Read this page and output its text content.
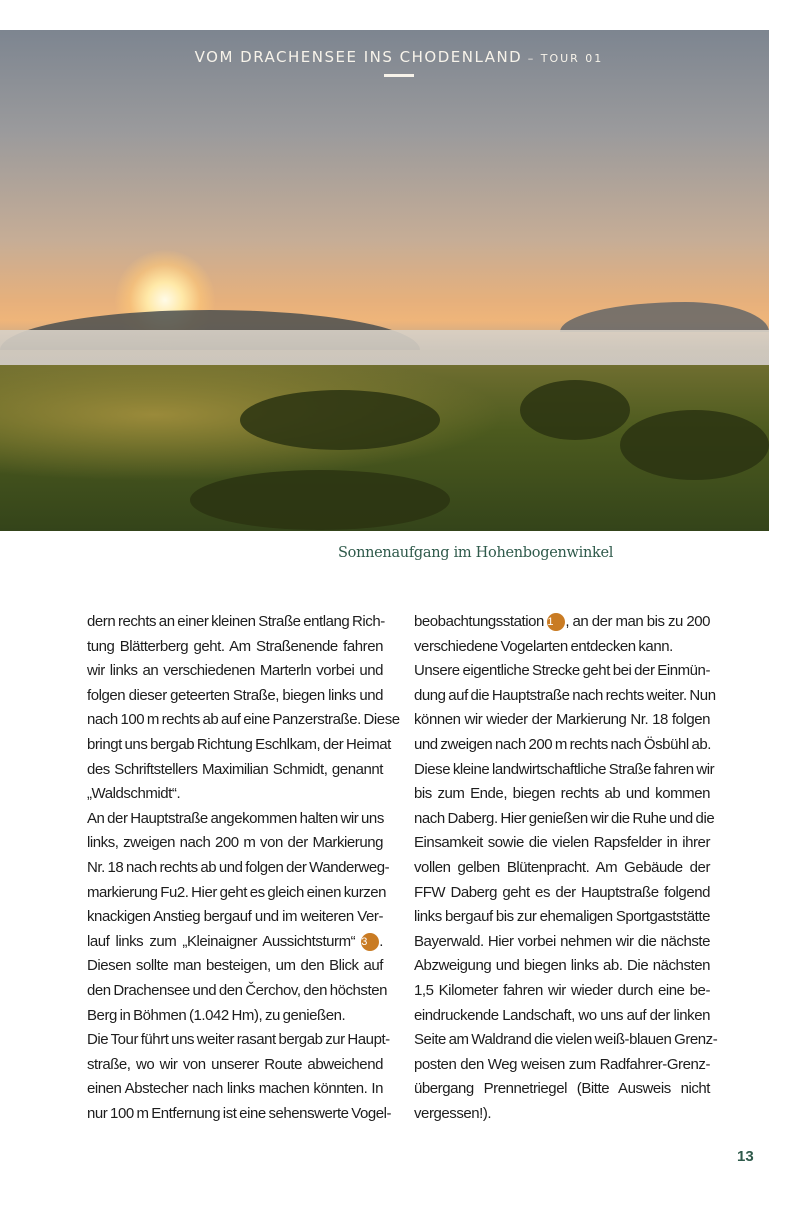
VOM DRACHENSEE INS CHODENLAND – TOUR 01
Sonnenaufgang im Hohenbogenwinkel
dern rechts an einer kleinen Straße entlang Rich-
tung Blätterberg geht. Am Straßenende fahren
wir links an verschiedenen Marterln vorbei und
folgen dieser geteerten Straße, biegen links und
nach 100 m rechts ab auf eine Panzerstraße. Diese
bringt uns bergab Richtung Eschlkam, der Heimat
des Schriftstellers Maximilian Schmidt, genannt
„Waldschmidt“.
An der Hauptstraße angekommen halten wir uns
links, zweigen nach 200 m von der Markierung
Nr. 18 nach rechts ab und folgen der Wanderweg-
markierung Fu2. Hier geht es gleich einen kurzen
knackigen Anstieg bergauf und im weiteren Ver-
lauf links zum „Kleinaigner Aussichtsturm“ 3 .
Diesen sollte man besteigen, um den Blick auf
den Drachensee und den Čerchov, den höchsten
Berg in Böhmen (1.042 Hm), zu genießen.
Die Tour führt uns weiter rasant bergab zur Haupt-
straße, wo wir von unserer Route abweichend
einen Abstecher nach links machen könnten. In
nur 100 m Entfernung ist eine sehenswerte Vogel-
beobachtungsstation 1 , an der man bis zu 200
verschiedene Vogelarten entdecken kann.
Unsere eigentliche Strecke geht bei der Einmün-
dung auf die Hauptstraße nach rechts weiter. Nun
können wir wieder der Markierung Nr. 18 folgen
und zweigen nach 200 m rechts nach Ösbühl ab.
Diese kleine landwirtschaftliche Straße fahren wir
bis zum Ende, biegen rechts ab und kommen
nach Daberg. Hier genießen wir die Ruhe und die
Einsamkeit sowie die vielen Rapsfelder in ihrer
vollen gelben Blütenpracht. Am Gebäude der
FFW Daberg geht es der Hauptstraße folgend
links bergauf bis zur ehemaligen Sportgaststätte
Bayerwald. Hier vorbei nehmen wir die nächste
Abzweigung und biegen links ab. Die nächsten
1,5 Kilometer fahren wir wieder durch eine be-
eindruckende Landschaft, wo uns auf der linken
Seite am Waldrand die vielen weiß-blauen Grenz-
posten den Weg weisen zum Radfahrer-Grenz-
übergang Prennetriegel (Bitte Ausweis nicht
vergessen!).
13
